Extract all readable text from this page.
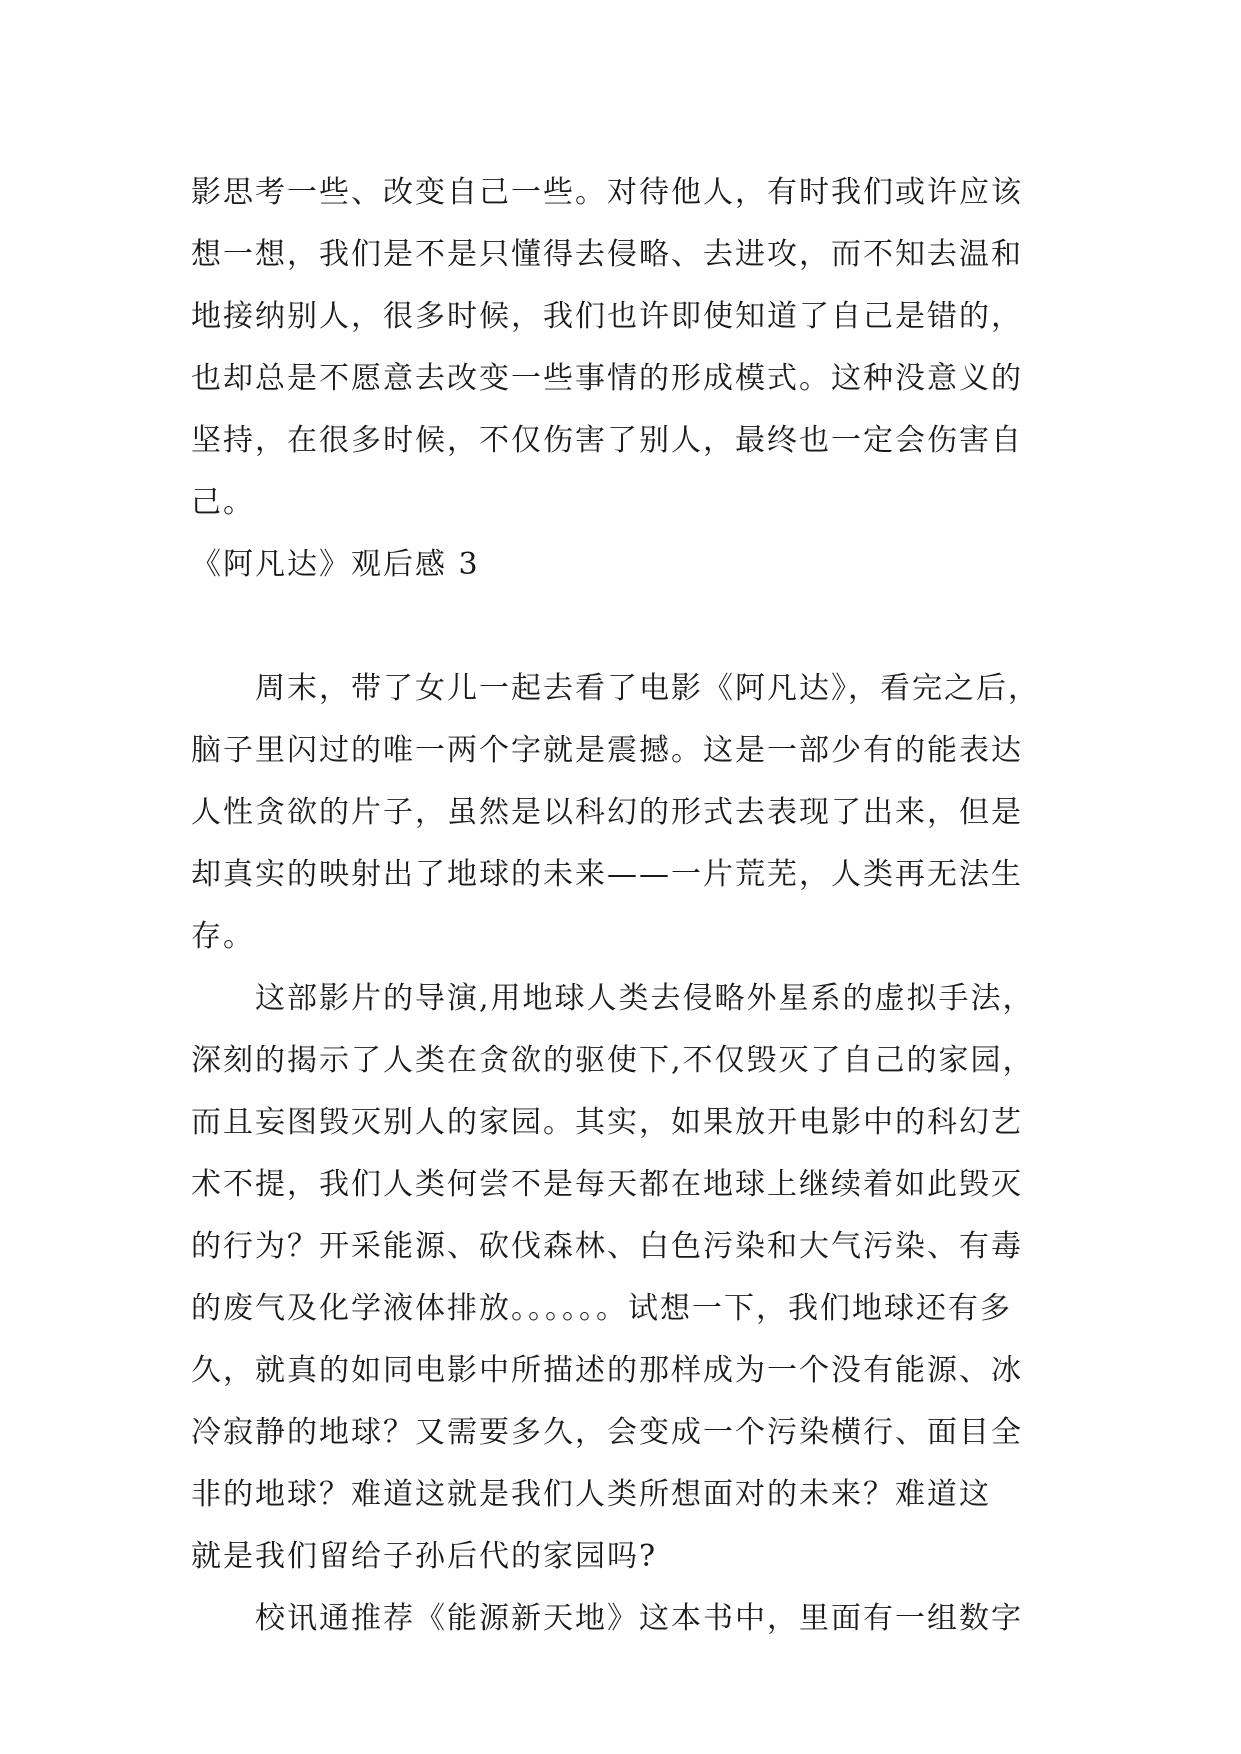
影思考一些、改变自己一些。对待他人，有时我们或许应该
想一想，我们是不是只懂得去侵略、去进攻，而不知去温和
地接纳别人，很多时候，我们也许即使知道了自己是错的，
也却总是不愿意去改变一些事情的形成模式。这种没意义的
坚持，在很多时候，不仅伤害了别人，最终也一定会伤害自
己。
《阿凡达》观后感 3
周末，带了女儿一起去看了电影《阿凡达》，看完之后，
脑子里闪过的唯一两个字就是震撼。这是一部少有的能表达
人性贪欲的片子，虽然是以科幻的形式去表现了出来，但是
却真实的映射出了地球的未来——一片荒芜，人类再无法生
存。
这部影片的导演,用地球人类去侵略外星系的虚拟手法，
深刻的揭示了人类在贪欲的驱使下,不仅毁灭了自己的家园，
而且妄图毁灭别人的家园。其实，如果放开电影中的科幻艺
术不提，我们人类何尝不是每天都在地球上继续着如此毁灭
的行为？开采能源、砍伐森林、白色污染和大气污染、有毒
的废气及化学液体排放。。。。。。试想一下，我们地球还有多
久，就真的如同电影中所描述的那样成为一个没有能源、冰
冷寂静的地球？又需要多久，会变成一个污染横行、面目全
非的地球？难道这就是我们人类所想面对的未来？难道这
就是我们留给子孙后代的家园吗?
校讯通推荐《能源新天地》这本书中，里面有一组数字
